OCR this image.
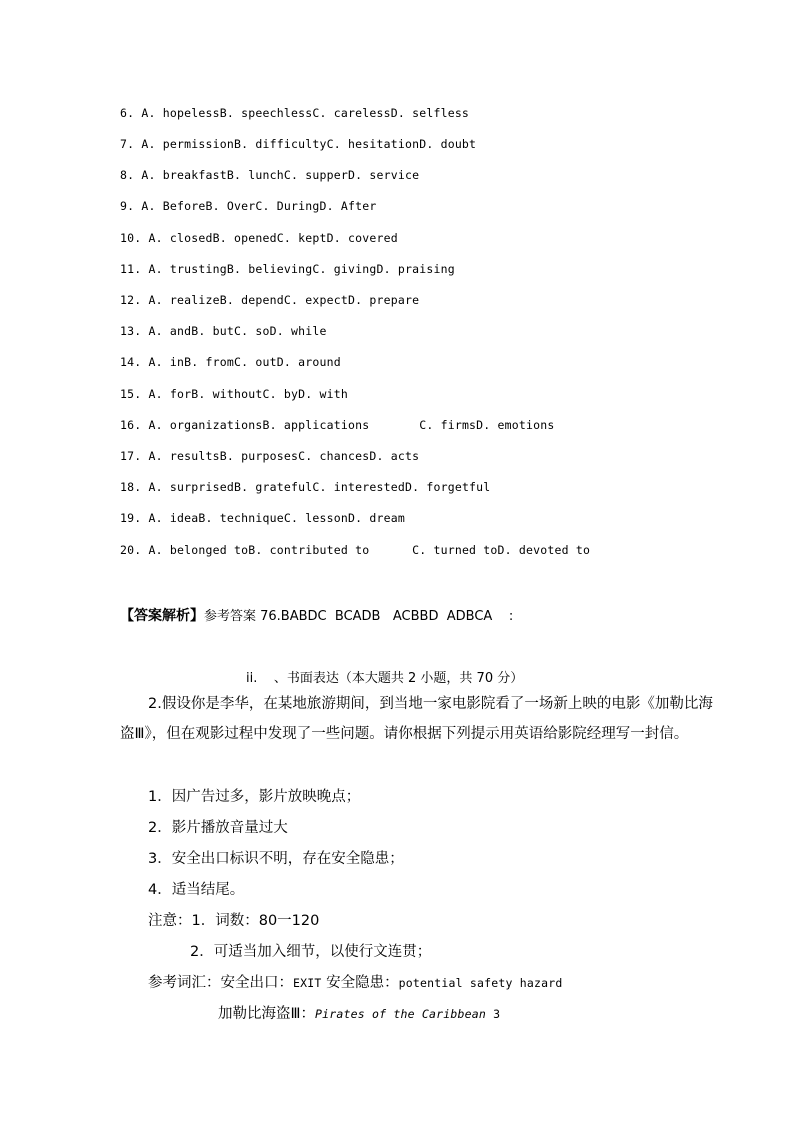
6. A. hopelessB. speechlessC. carelessD. selfless
7. A. permissionB. difficultyC. hesitationD. doubt
8. A. breakfastB. lunchC. supperD. service
9. A. BeforeB. OverC. DuringD. After
10. A. closedB. openedC. keptD. covered
11. A. trustingB. believingC. givingD. praising
12. A. realizeB. dependC. expectD. prepare
13. A. andB. butC. soD. while
14. A. inB. fromC. outD. around
15. A. forB. withoutC. byD. with
16. A. organizationsB. applications       C. firmsD. emotions
17. A. resultsB. purposesC. chancesD. acts
18. A. surprisedB. gratefulC. interestedD. forgetful
19. A. ideaB. techniqueC. lessonD. dream
20. A. belonged toB. contributed to      C. turned toD. devoted to
【答案解析】参考答案 76.BABDC  BCADB   ACBBD  ADBCA    :
ii.    、书面表达（本大题共 2 小题，共 70 分）
2.假设你是李华，在某地旅游期间，到当地一家电影院看了一场新上映的电影《加勒比海盗Ⅲ》，但在观影过程中发现了一些问题。请你根据下列提示用英语给影院经理写一封信。
1．因广告过多，影片放映晚点；
2．影片播放音量过大
3．安全出口标识不明，存在安全隐患；
4．适当结尾。
注意：1．词数：80一120
2．可适当加入细节，以使行文连贯；
参考词汇：安全出口：EXIT 安全隐患：potential safety hazard
加勒比海盗Ⅲ：Pirates of the Caribbean 3
